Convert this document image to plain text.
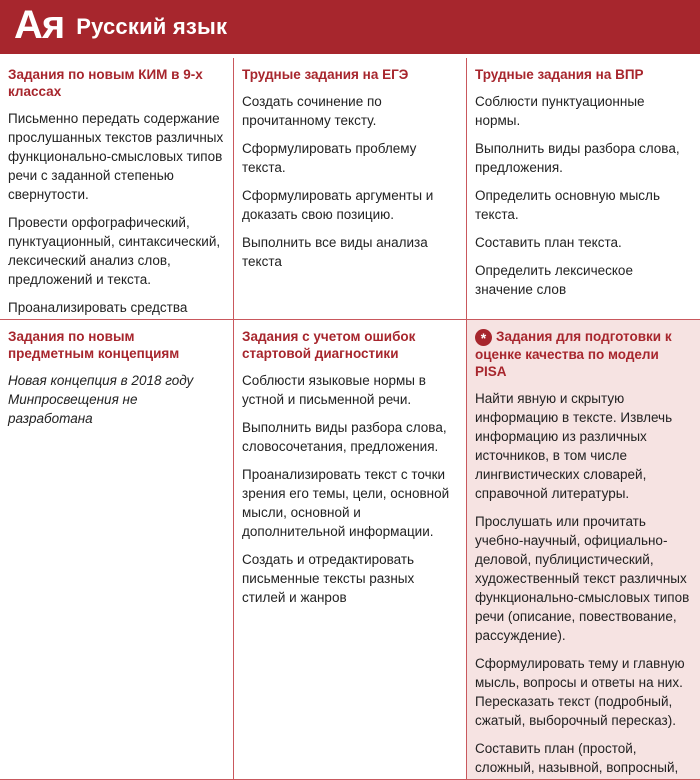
Ая Русский язык
Задания по новым КИМ в 9-х классах
Письменно передать содержание прослушанных текстов различных функционально-смысловых типов речи с заданной степенью свернутости.
Провести орфографический, пунктуационный, синтаксический, лексический анализ слов, предложений и текста.
Проанализировать средства
Трудные задания на ЕГЭ
Создать сочинение по прочитанному тексту.
Сформулировать проблему текста.
Сформулировать аргументы и доказать свою позицию.
Выполнить все виды анализа текста
Трудные задания на ВПР
Соблюсти пунктуационные нормы.
Выполнить виды разбора слова, предложения.
Определить основную мысль текста.
Составить план текста.
Определить лексическое значение слов
Задания по новым предметным концепциям
Новая концепция в 2018 году Минпросвещения не разработана
Задания с учетом ошибок стартовой диагностики
Соблюсти языковые нормы в устной и письменной речи.
Выполнить виды разбора слова, словосочетания, предложения.
Проанализировать текст с точки зрения его темы, цели, основной мысли, основной и дополнительной информации.
Создать и отредактировать письменные тексты разных стилей и жанров
* Задания для подготовки к оценке качества по модели PISA
Найти явную и скрытую информацию в тексте. Извлечь информацию из различных источников, в том числе лингвистических словарей, справочной литературы.
Прослушать или прочитать учебно-научный, официально-деловой, публицистический, художественный текст различных функционально-смысловых типов речи (описание, повествование, рассуждение).
Сформулировать тему и главную мысль, вопросы и ответы на них. Пересказать текст (подробный, сжатый, выборочный пересказ).
Составить план (простой, сложный, назывной, вопросный,
